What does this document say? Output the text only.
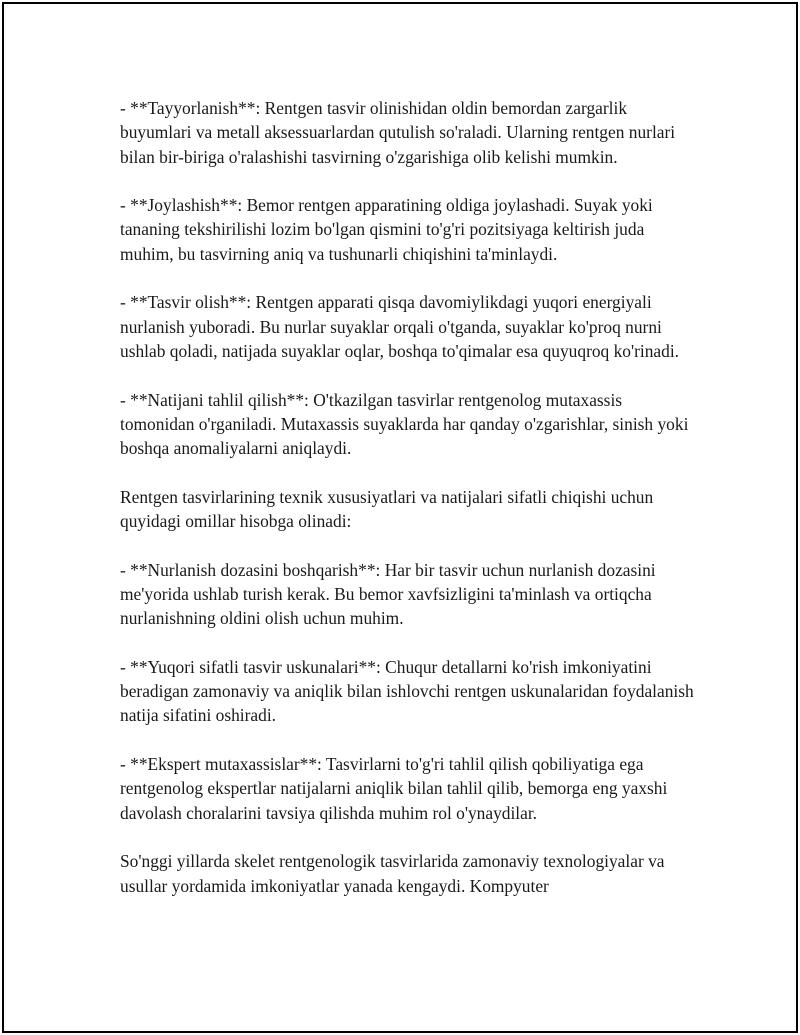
- **Tayyorlanish**: Rentgen tasvir olinishidan oldin bemordan zargarlik buyumlari va metall aksessuarlardan qutulish so'raladi. Ularning rentgen nurlari bilan bir-biriga o'ralashishi tasvirning o'zgarishiga olib kelishi mumkin.

- **Joylashish**: Bemor rentgen apparatining oldiga joylashadi. Suyak yoki tananing tekshirilishi lozim bo'lgan qismini to'g'ri pozitsiyaga keltirish juda muhim, bu tasvirning aniq va tushunarli chiqishini ta'minlaydi.

- **Tasvir olish**: Rentgen apparati qisqa davomiylikdagi yuqori energiyali nurlanish yuboradi. Bu nurlar suyaklar orqali o'tganda, suyaklar ko'proq nurni ushlab qoladi, natijada suyaklar oqlar, boshqa to'qimalar esa quyuqroq ko'rinadi.

- **Natijani tahlil qilish**: O'tkazilgan tasvirlar rentgenolog mutaxassis tomonidan o'rganiladi. Mutaxassis suyaklarda har qanday o'zgarishlar, sinish yoki boshqa anomaliyalarni aniqlaydi.

Rentgen tasvirlarining texnik xususiyatlari va natijalari sifatli chiqishi uchun quyidagi omillar hisobga olinadi:

- **Nurlanish dozasini boshqarish**: Har bir tasvir uchun nurlanish dozasini me'yorida ushlab turish kerak. Bu bemor xavfsizligini ta'minlash va ortiqcha nurlanishning oldini olish uchun muhim.

- **Yuqori sifatli tasvir uskunalari**: Chuqur detallarni ko'rish imkoniyatini beradigan zamonaviy va aniqlik bilan ishlovchi rentgen uskunalaridan foydalanish natija sifatini oshiradi.

- **Ekspert mutaxassislar**: Tasvirlarni to'g'ri tahlil qilish qobiliyatiga ega rentgenolog ekspertlar natijalarni aniqlik bilan tahlil qilib, bemorga eng yaxshi davolash choralarini tavsiya qilishda muhim rol o'ynaydilar.

So'nggi yillarda skelet rentgenologik tasvirlarida zamonaviy texnologiyalar va usullar yordamida imkoniyatlar yanada kengaydi. Kompyuter
